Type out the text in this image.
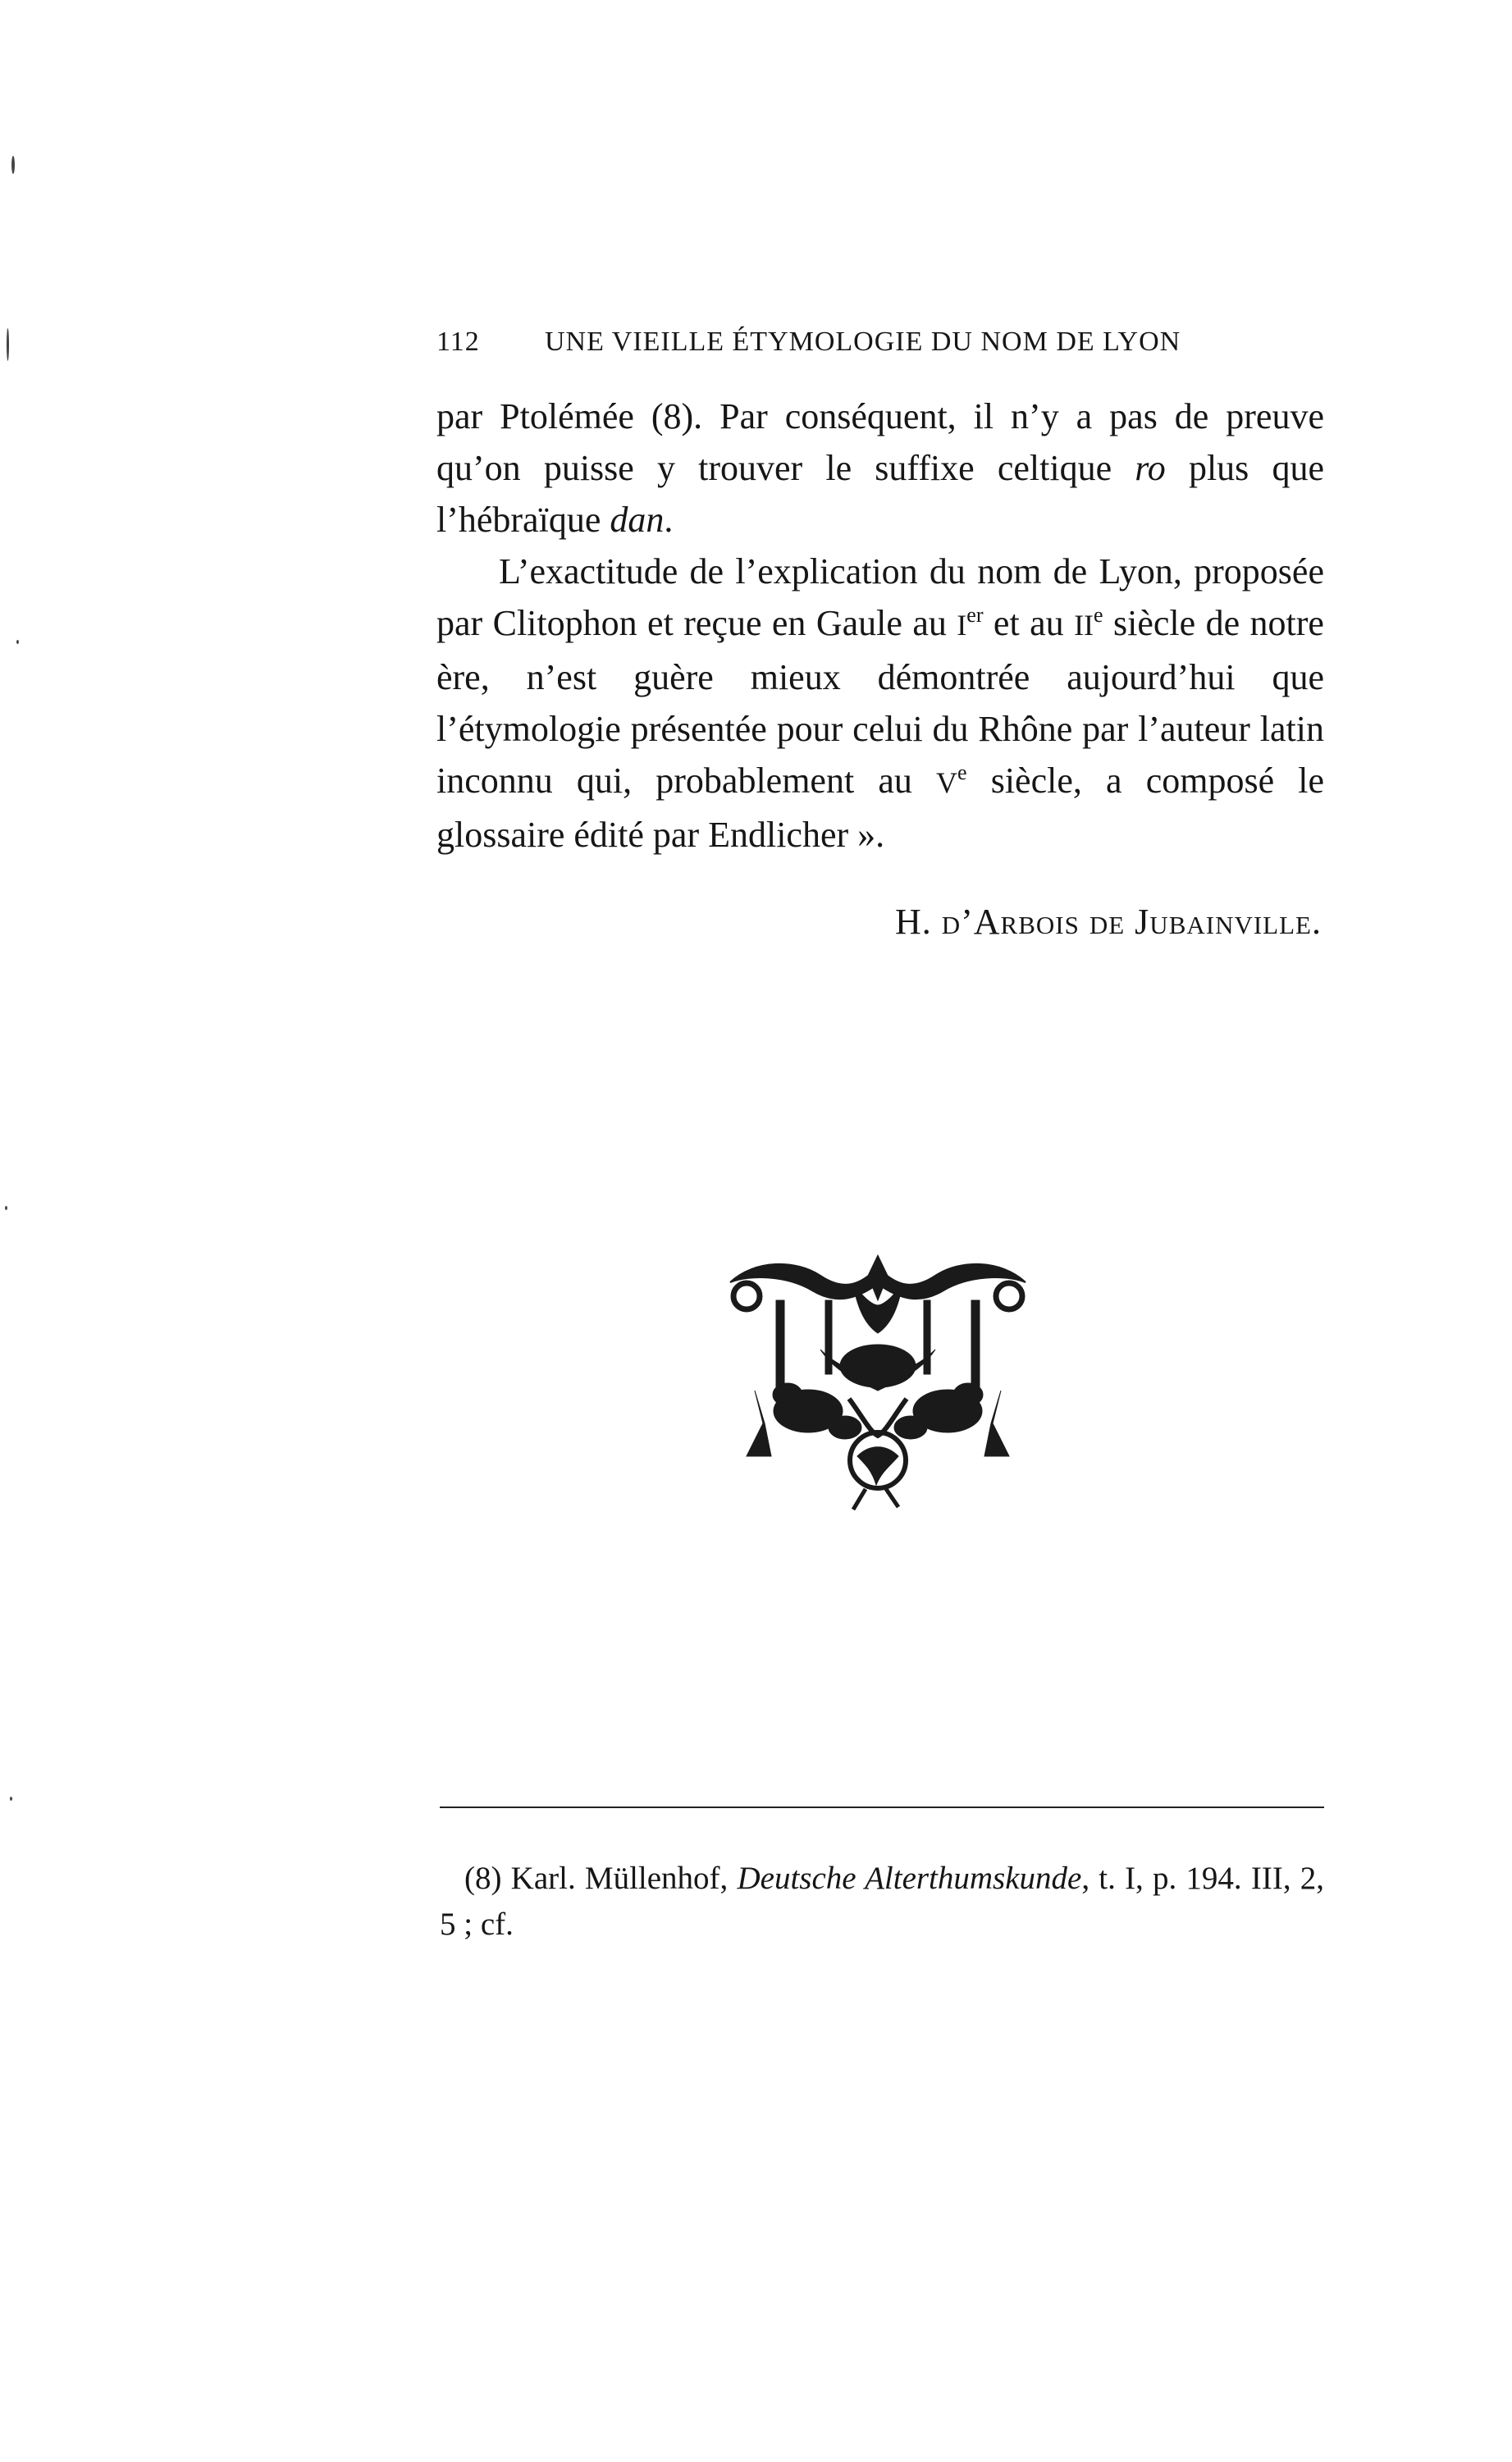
112 UNE VIEILLE ÉTYMOLOGIE DU NOM DE LYON

par Ptolémée (8). Par conséquent, il n’y a pas de preuve qu’on puisse y trouver le suffixe celtique ro plus que l’hébraïque dan.

L’exactitude de l’explication du nom de Lyon, proposée par Clitophon et reçue en Gaule au Ier et au IIe siècle de notre ère, n’est guère mieux démontrée aujourd’hui que l’étymologie présentée pour celui du Rhône par l’auteur latin inconnu qui, probablement au Ve siècle, a composé le glossaire édité par Endlicher ».

H. d’Arbois de Jubainville.

(8) Karl. Müllenhof, Deutsche Alterthumskunde, t. I, p. 194. III, 2, 5 ; cf.
